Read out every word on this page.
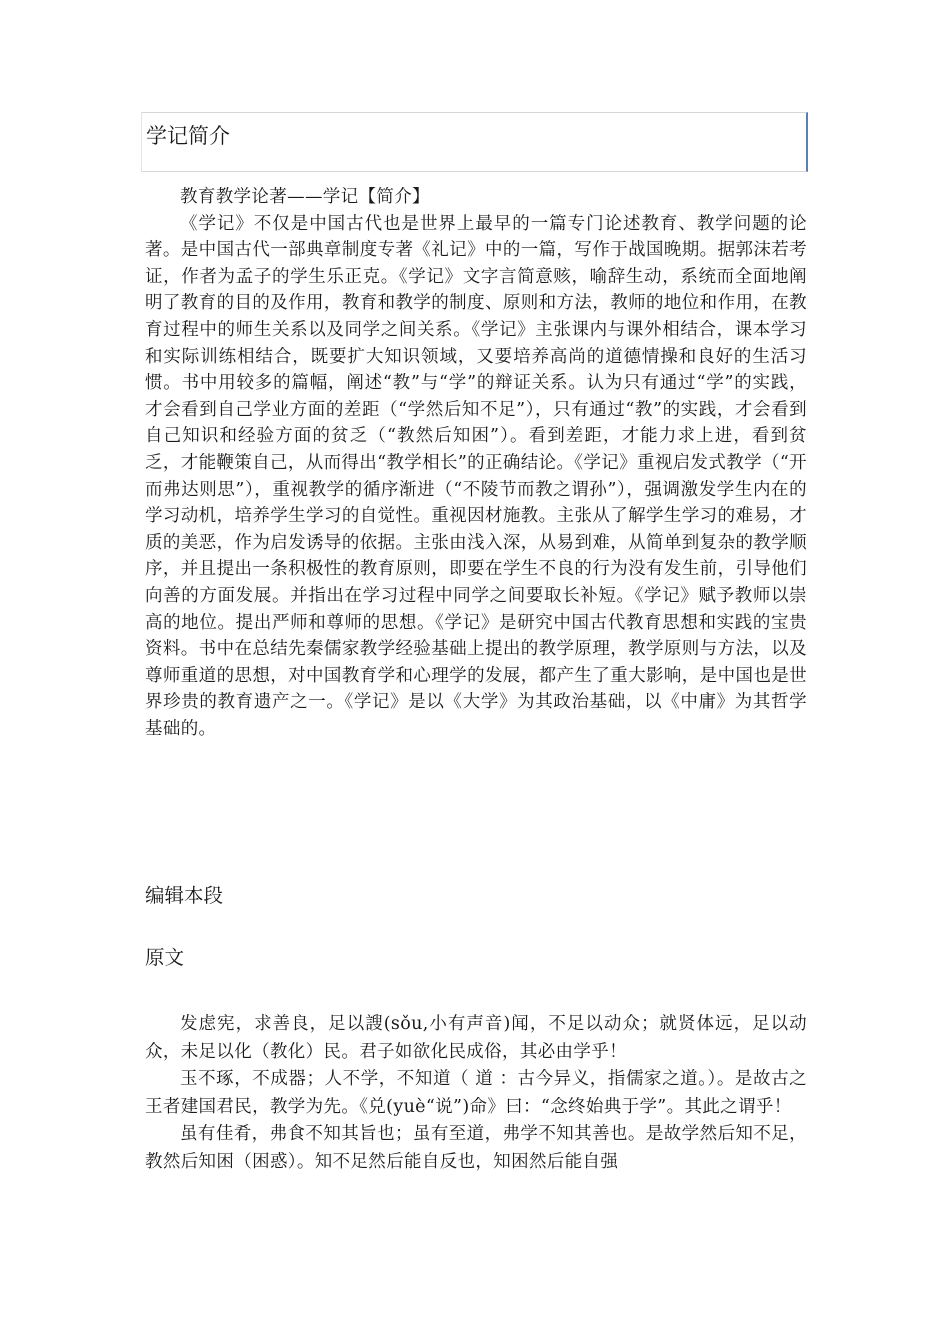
学记简介

教育教学论著——学记【简介】

《学记》不仅是中国古代也是世界上最早的一篇专门论述教育、教学问题的论著。是中国古代一部典章制度专著《礼记》中的一篇，写作于战国晚期。据郭沫若考证，作者为孟子的学生乐正克。《学记》文字言简意赅，喻辞生动，系统而全面地阐明了教育的目的及作用，教育和教学的制度、原则和方法，教师的地位和作用，在教育过程中的师生关系以及同学之间关系。《学记》主张课内与课外相结合，课本学习和实际训练相结合，既要扩大知识领域，又要培养高尚的道德情操和良好的生活习惯。书中用较多的篇幅，阐述“教”与“学”的辩证关系。认为只有通过“学”的实践，才会看到自己学业方面的差距（“学然后知不足”），只有通过“教”的实践，才会看到自己知识和经验方面的贫乏（“教然后知困”）。看到差距，才能力求上进，看到贫乏，才能鞭策自己，从而得出“教学相长”的正确结论。《学记》重视启发式教学（“开而弗达则思”），重视教学的循序渐进（“不陵节而教之谓孙”），强调激发学生内在的学习动机，培养学生学习的自觉性。重视因材施教。主张从了解学生学习的难易，才质的美恶，作为启发诱导的依据。主张由浅入深，从易到难，从简单到复杂的教学顺序，并且提出一条积极性的教育原则，即要在学生不良的行为没有发生前，引导他们向善的方面发展。并指出在学习过程中同学之间要取长补短。《学记》赋予教师以崇高的地位。提出严师和尊师的思想。《学记》是研究中国古代教育思想和实践的宝贵资料。书中在总结先秦儒家教学经验基础上提出的教学原理，教学原则与方法，以及尊师重道的思想，对中国教育学和心理学的发展，都产生了重大影响，是中国也是世界珍贵的教育遗产之一。《学记》是以《大学》为其政治基础，以《中庸》为其哲学基础的。

编辑本段
原文

发虑宪，求善良，足以謏(sǒu,小有声音)闻，不足以动众；就贤体远，足以动众，未足以化（教化）民。君子如欲化民成俗，其必由学乎！

玉不琢，不成器；人不学，不知道（ 道 ：古今异义，指儒家之道。）。是故古之王者建国君民，教学为先。《兑(yuè“说”)命》曰：“念终始典于学”。其此之谓乎！

虽有佳肴，弗食不知其旨也；虽有至道，弗学不知其善也。是故学然后知不足，教然后知困（困惑）。知不足然后能自反也，知困然后能自强
